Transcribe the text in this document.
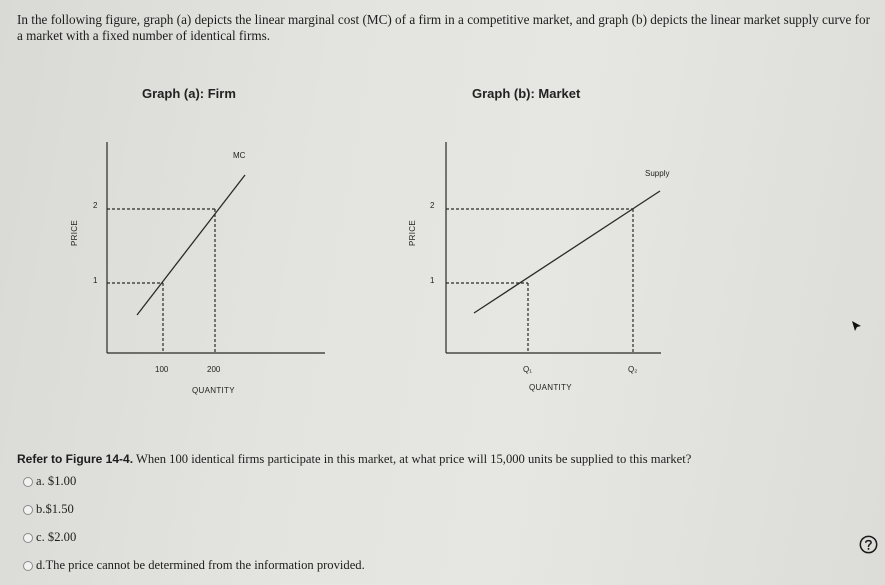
In the following figure, graph (a) depicts the linear marginal cost (MC) of a firm in a competitive market, and graph (b) depicts the linear market supply curve for a market with a fixed number of identical firms.

Graph (a): Firm	Graph (b): Market
MC
2
1
100	200
QUANTITY
PRICE
Supply
2
1
Q₁	Q₂
QUANTITY
PRICE

Refer to Figure 14-4. When 100 identical firms participate in this market, at what price will 15,000 units be supplied to this market?

a.
$1.00
b. $1.50
c.
$2.00
d. The price cannot be determined from the information provided.
